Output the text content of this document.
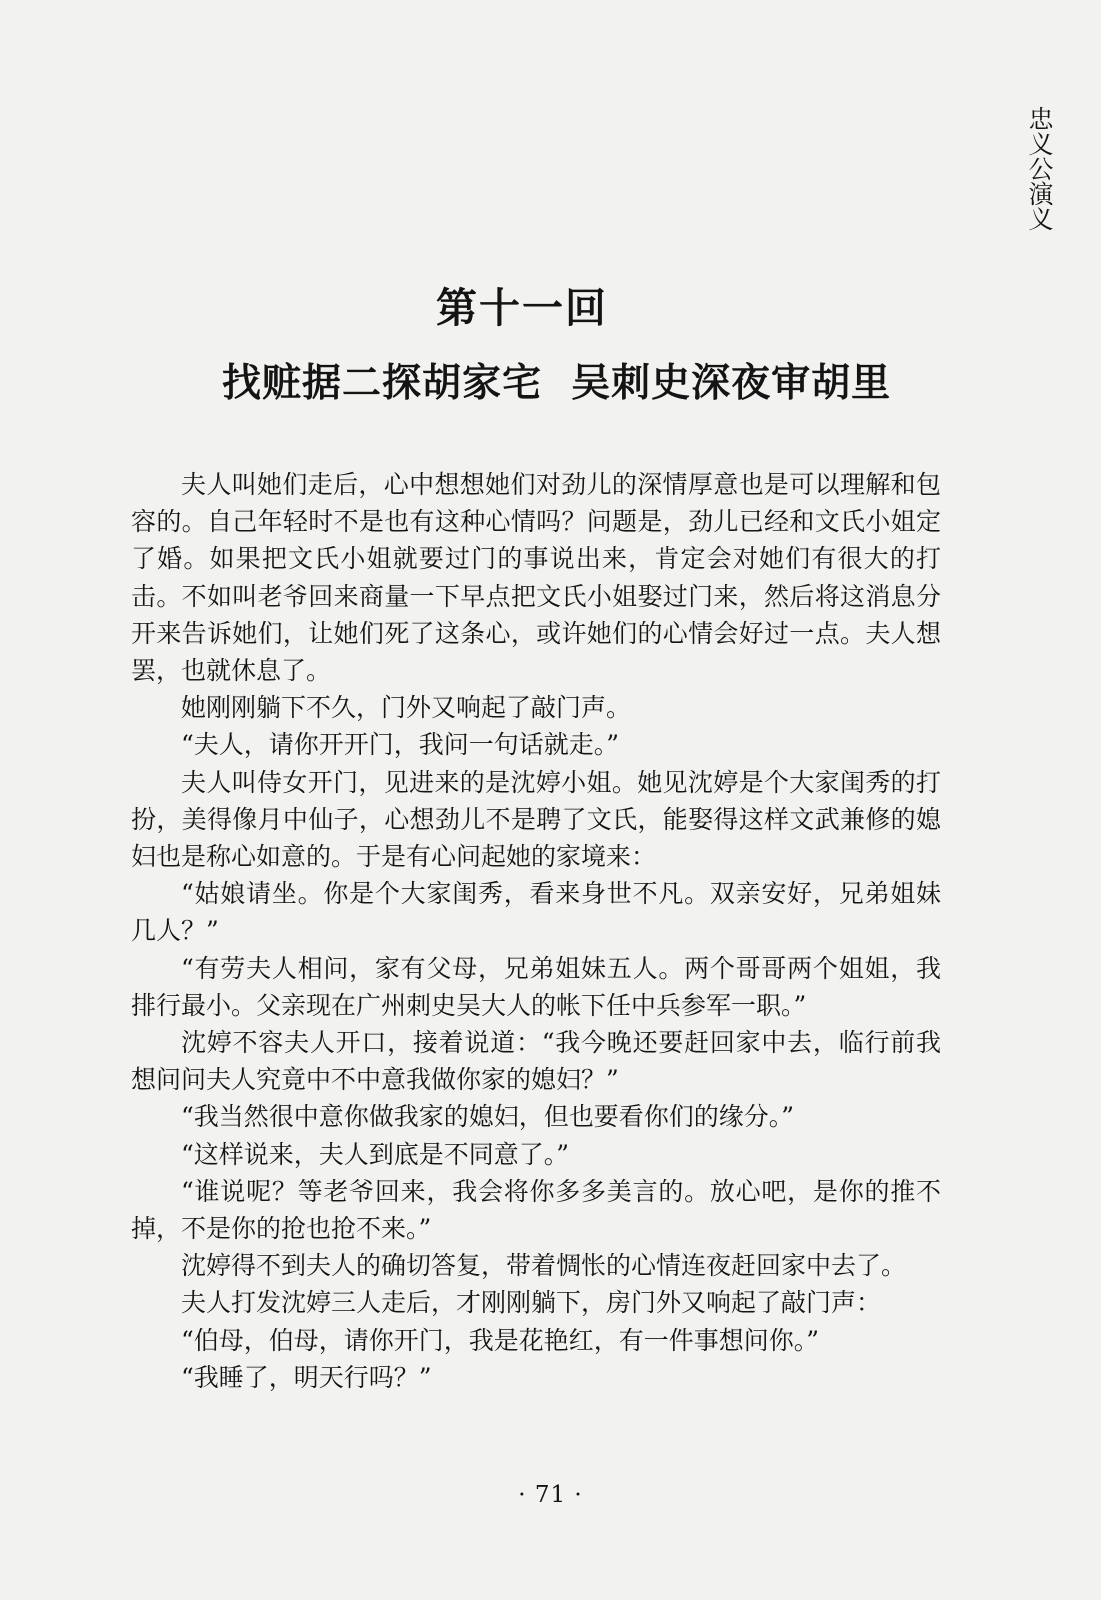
忠义公演义
第十一回
找赃据二探胡家宅  吴刺史深夜审胡里

夫人叫她们走后，心中想想她们对劲儿的深情厚意也是可以理解和包容的。自己年轻时不是也有这种心情吗？问题是，劲儿已经和文氏小姐定了婚。如果把文氏小姐就要过门的事说出来，肯定会对她们有很大的打击。不如叫老爷回来商量一下早点把文氏小姐娶过门来，然后将这消息分开来告诉她们，让她们死了这条心，或许她们的心情会好过一点。夫人想罢，也就休息了。

她刚刚躺下不久，门外又响起了敲门声。

“夫人，请你开开门，我问一句话就走。”

夫人叫侍女开门，见进来的是沈婷小姐。她见沈婷是个大家闺秀的打扮，美得像月中仙子，心想劲儿不是聘了文氏，能娶得这样文武兼修的媳妇也是称心如意的。于是有心问起她的家境来：

“姑娘请坐。你是个大家闺秀，看来身世不凡。双亲安好，兄弟姐妹几人？”

“有劳夫人相问，家有父母，兄弟姐妹五人。两个哥哥两个姐姐，我排行最小。父亲现在广州刺史吴大人的帐下任中兵参军一职。”

沈婷不容夫人开口，接着说道：“我今晚还要赶回家中去，临行前我想问问夫人究竟中不中意我做你家的媳妇？”

“我当然很中意你做我家的媳妇，但也要看你们的缘分。”

“这样说来，夫人到底是不同意了。”

“谁说呢？等老爷回来，我会将你多多美言的。放心吧，是你的推不掉，不是你的抢也抢不来。”

沈婷得不到夫人的确切答复，带着惆怅的心情连夜赶回家中去了。

夫人打发沈婷三人走后，才刚刚躺下，房门外又响起了敲门声：

“伯母，伯母，请你开门，我是花艳红，有一件事想问你。”

“我睡了，明天行吗？”

· 71 ·
